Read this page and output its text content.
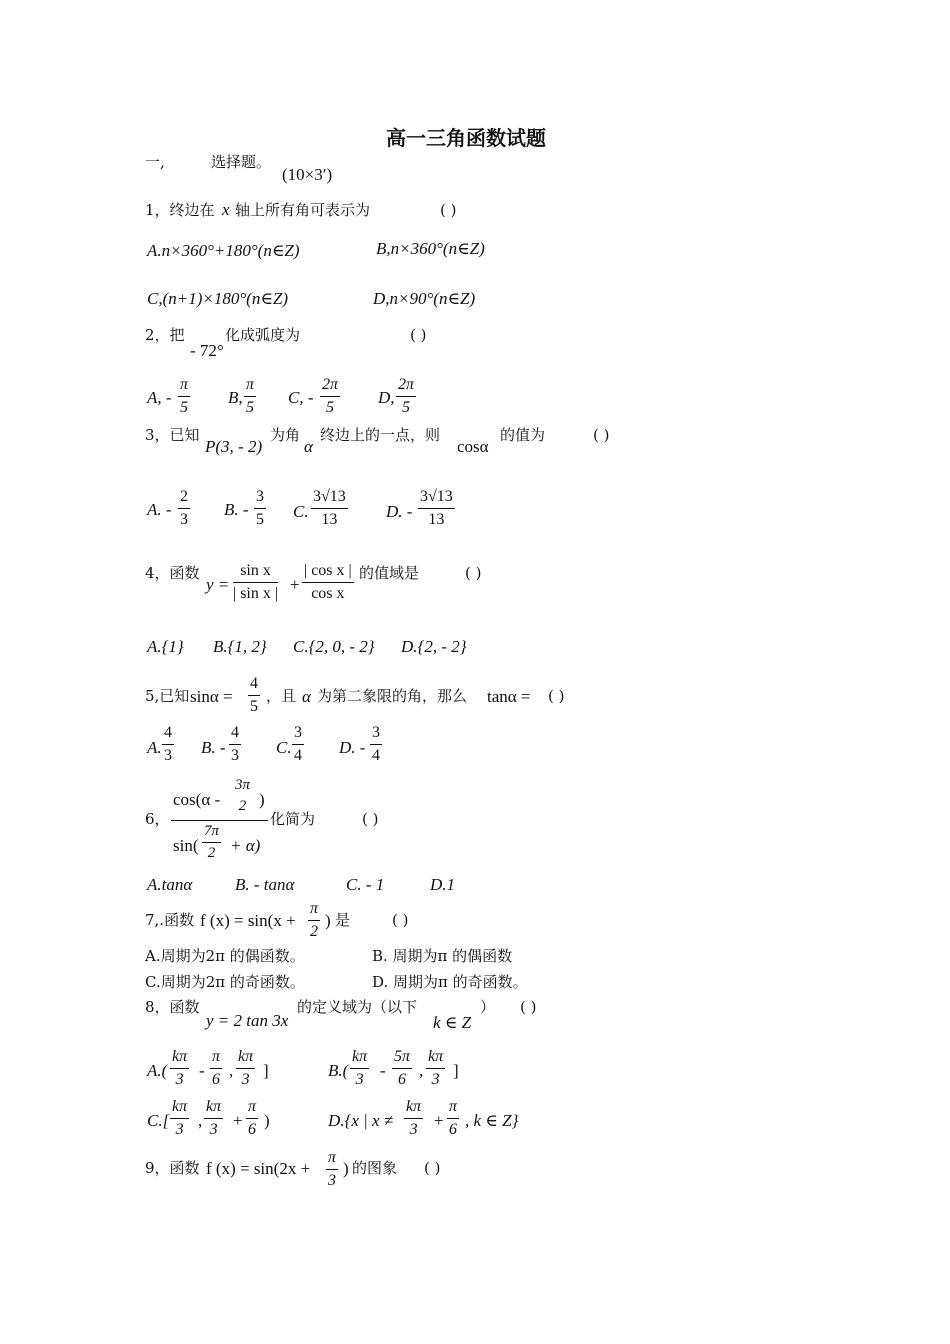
高一三角函数试题
一,	选择题。
(10×3′)
1，终边在 x 轴上所有角可表示为	( )
A.n×360°+180°(n∈Z)	B,n×360°(n∈Z)
C,(n+1)×180°(n∈Z)	D,n×90°(n∈Z)
2，把
- 72°
化成弧度为	( )
A, - $\frac{\pi}{5} B$, $\frac{\pi}{5} C$, - $\frac{2\pi}{5} D$, $\frac{2\pi}{5}$
3，已知
P(3, - 2)
为角
α
终边上的一点，则
cosα
的值为	( )
A. - $\frac{2}{3} B$. - $\frac{3}{5} C$. $\frac{3√13}{13} D$. - $\frac{3√13}{13}$
4，函数
$y = \frac{\text{sin x}}{\text{| sin x |}} + \frac{\text{| cos x |}}{\text{cos x}}$ 的值域是	( )
A.{1} B.{1, 2} C.{2, 0, - 2} D.{2, - 2}
5,已知 $\sin\alpha = \frac{4}{5}$ ，且 α 为第二象限的角，那么 tanα = ( )
A. $\frac{4}{3} B$. - $\frac{4}{3} C$. $\frac{3}{4} D$. - $\frac{3}{4}$
6，
cos(α -
3π
2 )
$\sin( \frac{7\pi}{2} + \alpha)$
化简为	( )
A.tanα	B. - tanα	C. - 1	D.1
7,.函数 f $(x) = \sin(x + \frac{\pi}{2}$ ) 是	( )
A.周期为2π 的偶函数。	B. 周期为π 的偶函数
C.周期为2π 的奇函数。	D. 周期为π 的奇函数。
8，函数
y = 2 tan 3x
的定义域为（以下
k ∈ Z
） ( )
$A.( \frac{k\pi}{3} - \frac{\pi}{6}$ , $\frac{k\pi}{3}$ ]	$B.( \frac{k\pi}{3} - \frac{5\pi}{6}$ , $\frac{k\pi}{3}$ ]
$C.[ \frac{k\pi}{3}$ , $\frac{k\pi}{3} + \frac{\pi}{6}$ )	D.{x | $x \ne \frac{k\pi}{3} + \frac{\pi}{6}$ , k ∈ Z}
9，函数 f $(x) = \sin(2x + \frac{\pi}{3}$ ) 的图象 ( )
